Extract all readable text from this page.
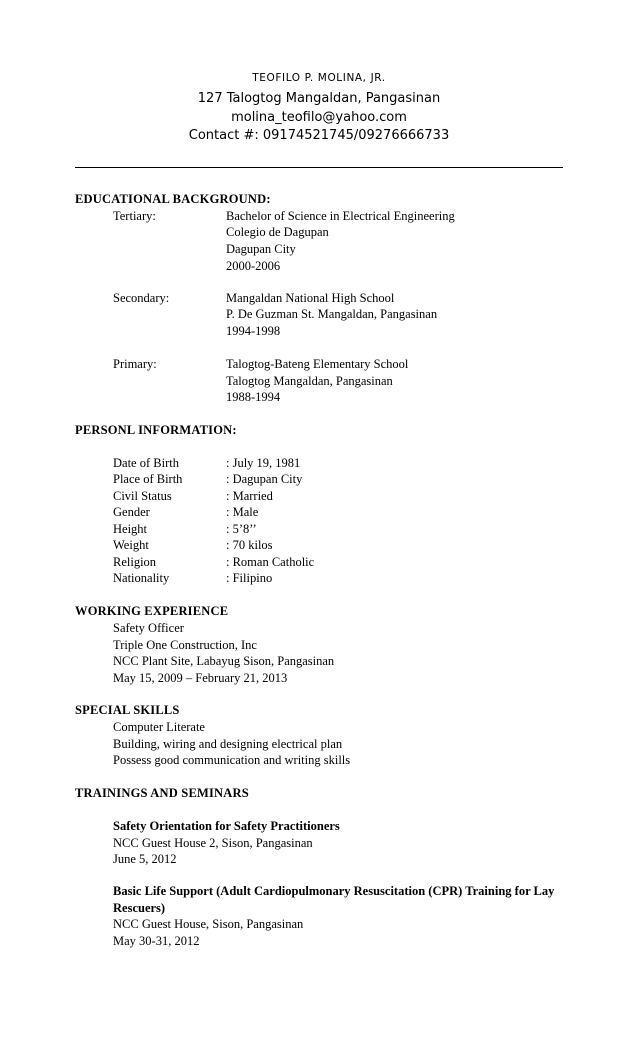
TEOFILO P. MOLINA, JR.
127 Talogtog Mangaldan, Pangasinan
molina_teofilo@yahoo.com
Contact #: 09174521745/09276666733
EDUCATIONAL BACKGROUND:
Tertiary:	Bachelor of Science in Electrical Engineering
Colegio de Dagupan
Dagupan City
2000-2006
Secondary:	Mangaldan National High School
P. De Guzman St. Mangaldan, Pangasinan
1994-1998
Primary:	Talogtog-Bateng Elementary School
Talogtog Mangaldan, Pangasinan
1988-1994
PERSONL INFORMATION:
Date of Birth	: July 19, 1981
Place of Birth	: Dagupan City
Civil Status	: Married
Gender	: Male
Height	: 5’8’’
Weight	: 70 kilos
Religion	: Roman Catholic
Nationality	: Filipino
WORKING EXPERIENCE
Safety Officer
Triple One Construction, Inc
NCC Plant Site, Labayug Sison, Pangasinan
May 15, 2009 – February 21, 2013
SPECIAL SKILLS
Computer Literate
Building, wiring and designing electrical plan
Possess good communication and writing skills
TRAININGS AND SEMINARS
Safety Orientation for Safety Practitioners
NCC Guest House 2, Sison, Pangasinan
June 5, 2012
Basic Life Support (Adult Cardiopulmonary Resuscitation (CPR) Training for Lay
Rescuers)
NCC Guest House, Sison, Pangasinan
May 30-31, 2012
